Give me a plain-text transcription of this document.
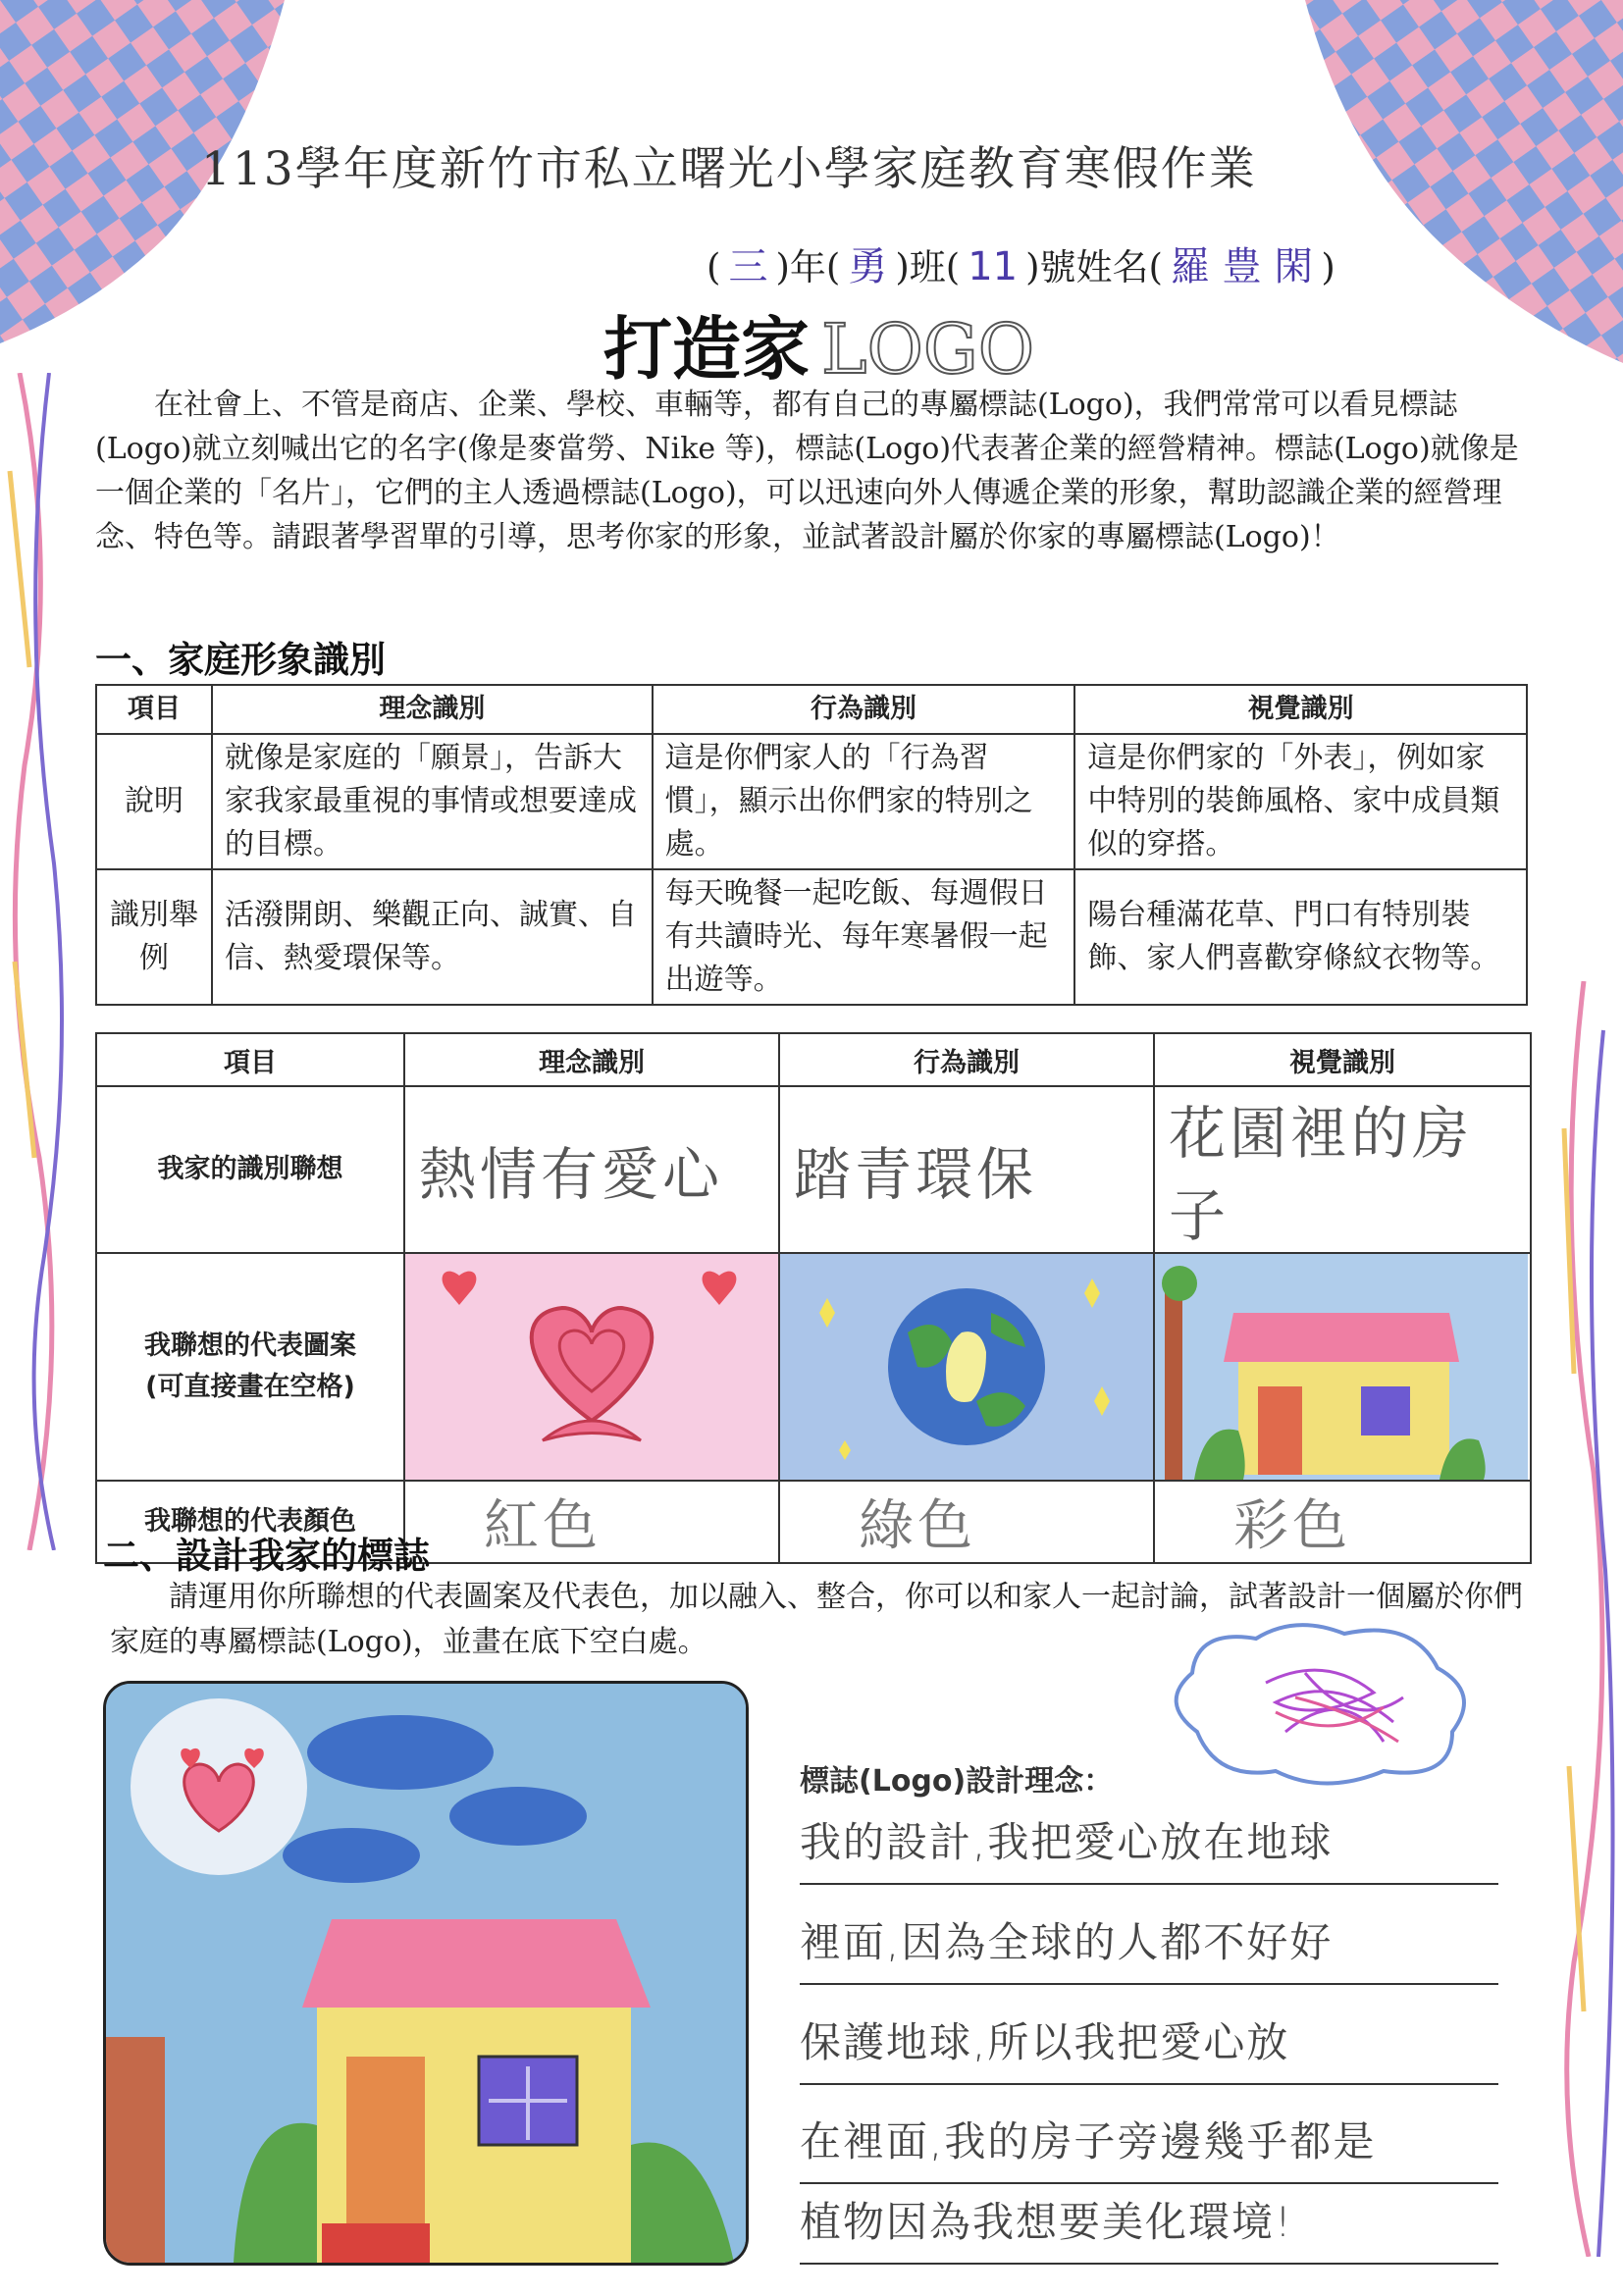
113學年度新竹市私立曙光小學家庭教育寒假作業
( 三 )年( 勇 )班( 11 )號姓名( 羅 豊 閑 )
打造家 LOGO
在社會上、不管是商店、企業、學校、車輛等，都有自己的專屬標誌(Logo)，我們常常可以看見標誌(Logo)就立刻喊出它的名字(像是麥當勞、Nike 等)，標誌(Logo)代表著企業的經營精神。標誌(Logo)就像是一個企業的「名片」，它們的主人透過標誌(Logo)，可以迅速向外人傳遞企業的形象，幫助認識企業的經營理念、特色等。請跟著學習單的引導，思考你家的形象，並試著設計屬於你家的專屬標誌(Logo)！
一、家庭形象識別
項目	理念識別	行為識別	視覺識別
說明	就像是家庭的「願景」，告訴大家我家最重視的事情或想要達成的目標。	這是你們家人的「行為習慣」，顯示出你們家的特別之處。	這是你們家的「外表」，例如家中特別的裝飾風格、家中成員類似的穿搭。
識別舉例	活潑開朗、樂觀正向、誠實、自信、熱愛環保等。	每天晚餐一起吃飯、每週假日有共讀時光、每年寒暑假一起出遊等。	陽台種滿花草、門口有特別裝飾、家人們喜歡穿條紋衣物等。
項目	理念識別	行為識別	視覺識別
我家的識別聯想	熱情有愛心	踏青環保	花園裡的房子

我聯想的代表圖案
(可直接畫在空格)

我聯想的代表顏色	紅色	綠色	彩色
二、設計我家的標誌
請運用你所聯想的代表圖案及代表色，加以融入、整合，你可以和家人一起討論，試著設計一個屬於你們家庭的專屬標誌(Logo)，並畫在底下空白處。
標誌(Logo)設計理念：
我的設計,我把愛心放在地球
裡面,因為全球的人都不好好
保護地球,所以我把愛心放
在裡面,我的房子旁邊幾乎都是
植物因為我想要美化環境!
